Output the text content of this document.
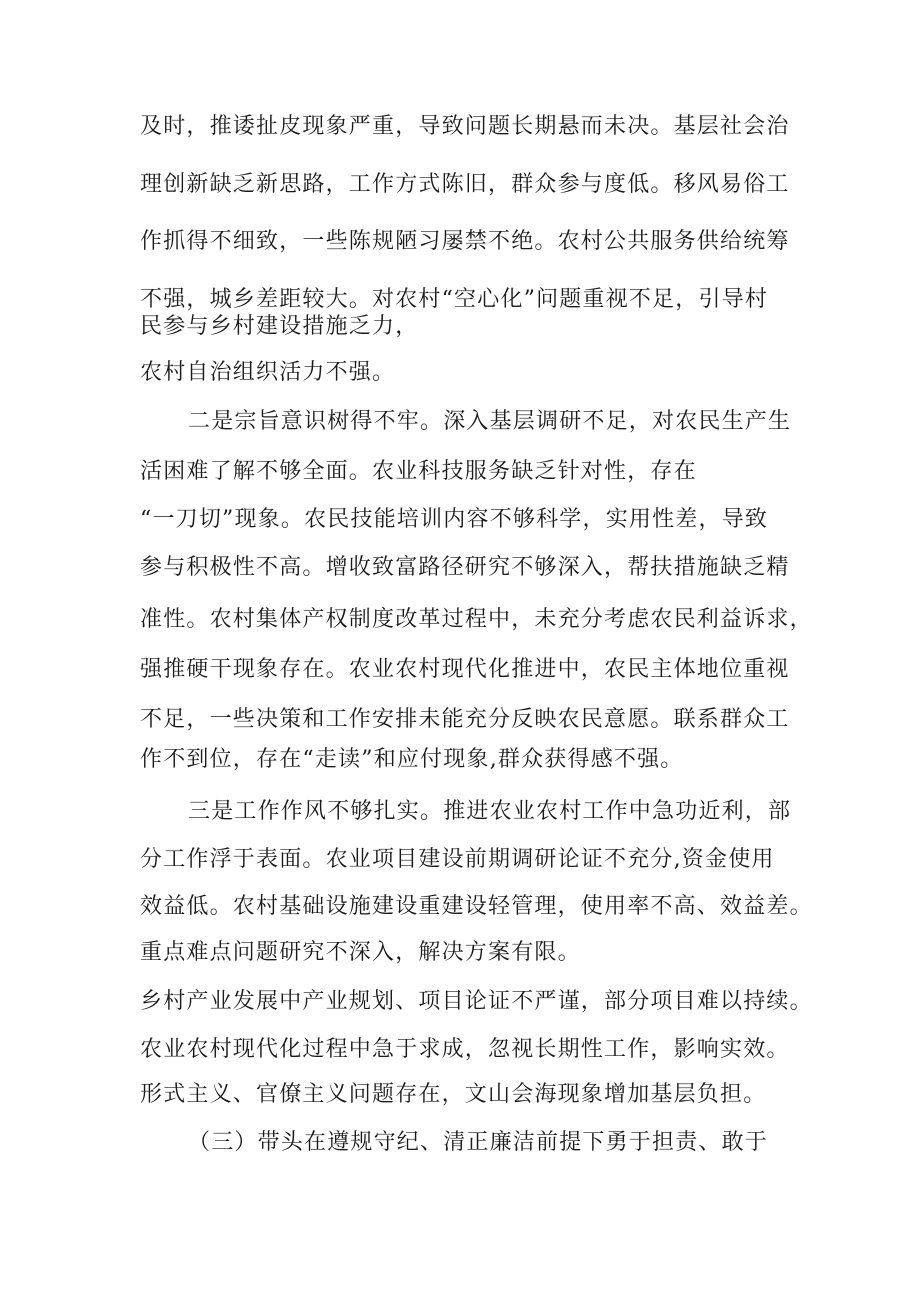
及时，推诿扯皮现象严重，导致问题长期悬而未决。基层社会治
理创新缺乏新思路，工作方式陈旧，群众参与度低。移风易俗工
作抓得不细致，一些陈规陋习屡禁不绝。农村公共服务供给统筹
不强，城乡差距较大。对农村“空心化”问题重视不足，引导村
民参与乡村建设措施乏力，
农村自治组织活力不强。
二是宗旨意识树得不牢。深入基层调研不足，对农民生产生
活困难了解不够全面。农业科技服务缺乏针对性，存在
“一刀切”现象。农民技能培训内容不够科学，实用性差，导致
参与积极性不高。增收致富路径研究不够深入，帮扶措施缺乏精
准性。农村集体产权制度改革过程中，未充分考虑农民利益诉求，
强推硬干现象存在。农业农村现代化推进中，农民主体地位重视
不足，一些决策和工作安排未能充分反映农民意愿。联系群众工
作不到位，存在“走读”和应付现象,群众获得感不强。
三是工作作风不够扎实。推进农业农村工作中急功近利，部
分工作浮于表面。农业项目建设前期调研论证不充分,资金使用
效益低。农村基础设施建设重建设轻管理，使用率不高、效益差。
重点难点问题研究不深入，解决方案有限。
乡村产业发展中产业规划、项目论证不严谨，部分项目难以持续。
农业农村现代化过程中急于求成，忽视长期性工作，影响实效。
形式主义、官僚主义问题存在，文山会海现象增加基层负担。
（三）带头在遵规守纪、清正廉洁前提下勇于担责、敢于
